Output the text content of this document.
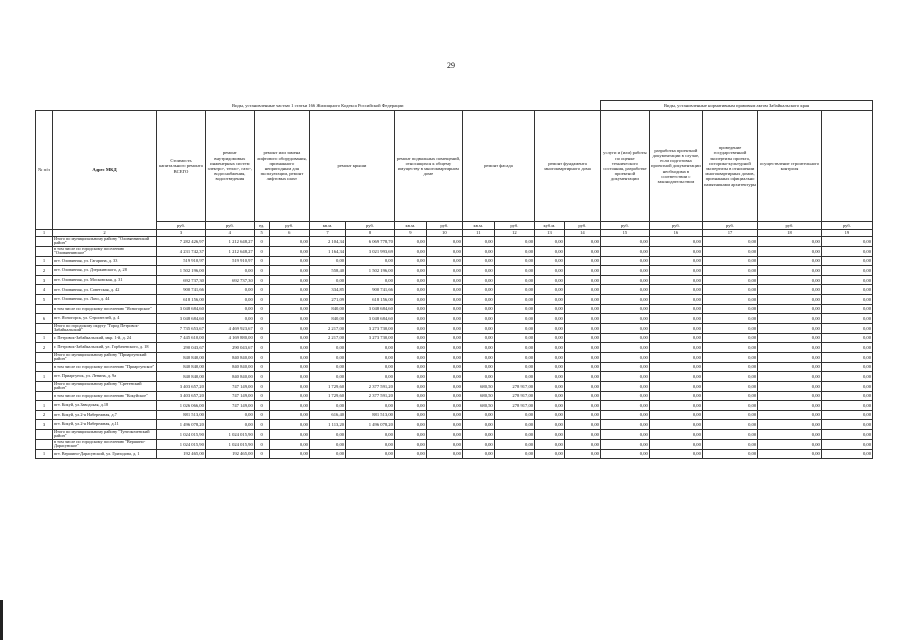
29
Виды, установленные частью 1 статьи 166 Жилищного Кодекса Российской Федерации														Виды, установленные нормативным правовым актом Забайкальского края				
№ п/п	Адрес МКД	Стоимость капитального ремонта ВСЕГО	ремонт внутридомовых инженерных систем электро-, тепло-, газо-, водоснабжения, водоотведения	ремонт или замена лифтового оборудования, признанного непригодным для эксплуатации, ремонт лифтовых шахт		ремонт крыши		ремонт подвальных помещений, относящихся к общему имуществу в многоквартирном доме		ремонт фасада		ремонт фундамента многоквартирного дома		услуги и (или) работы по оценке технического состояния, разработке проектной документации	разработка проектной документации в случае, если подготовка проектной документации необходима в соответствии с законодательством	проведение государственной экспертизы проекта, историко-культурной экспертизы в отношении многоквартирных домов, признанных официально памятниками архитектуры	осуществление строительного контроля	
		руб.	руб.	ед.	руб.	кв.м.	руб.	кв.м.	руб.	кв.м.	руб.	куб.м.	руб.	руб.	руб.	руб.	руб.	руб.
1	2	3	4	5	6	7	8	9	10	11	12	13	14	15	16	17	18	19
	Итого по муниципальному району "Оловяннинский район"	7 282 426,97	1 212 648,27	0	0,00	2 104,34	6 069 778,70	0,00	0,00	0,00	0,00	0,00	0,00	0,00	0,00	0,00	0,00	0,00
	в том числе по городскому поселению "Оловяннинское"	4 231 742,37	1 212 648,27	0	0,00	1 164,34	3 021 993,69	0,00	0,00	0,00	0,00	0,00	0,00	0,00	0,00	0,00	0,00	0,00
1	пгт. Оловянная, ул. Гагарина, д. 33	519 910,97	519 910,97	0	0,00	0,00	0,00	0,00	0,00	0,00	0,00	0,00	0,00	0,00	0,00	0,00	0,00	0,00
2	пгт. Оловянная, ул. Дзержинского, д. 28	1 502 196,00	0,00	0	0,00	558,40	1 502 196,00	0,00	0,00	0,00	0,00	0,00	0,00	0,00	0,00	0,00	0,00	0,00
3	пгт. Оловянная, ул. Московская, д. 31	692 737,30	692 737,30	0	0,00	0,00	0,00	0,00	0,00	0,00	0,00	0,00	0,00	0,00	0,00	0,00	0,00	0,00
4	пгт. Оловянная, ул. Советская, д. 42	900 741,66	0,00	0	0,00	334,85	900 741,66	0,00	0,00	0,00	0,00	0,00	0,00	0,00	0,00	0,00	0,00	0,00
5	пгт. Оловянная, ул. Лазо, д. 44	618 156,00	0,00	0	0,00	271,09	618 156,00	0,00	0,00	0,00	0,00	0,00	0,00	0,00	0,00	0,00	0,00	0,00
	в том числе по городскому поселению "Ясногорское"	3 048 684,60	0,00	0	0,00	840,00	3 048 684,60	0,00	0,00	0,00	0,00	0,00	0,00	0,00	0,00	0,00	0,00	0,00
6	пгт. Ясногорск, ул. Строителей, д. 4	3 048 684,60	0,00	0	0,00	840,00	3 048 684,60	0,00	0,00	0,00	0,00	0,00	0,00	0,00	0,00	0,00	0,00	0,00
	Итого по городскому округу "Город Петровск-Забайкальский"	7 735 653,67	4 469 923,67	0	0,00	2 217,00	3 273 730,00	0,00	0,00	0,00	0,00	0,00	0,00	0,00	0,00	0,00	0,00	0,00
1	г. Петровск-Забайкальский, мкр. 1-й, д. 24	7 445 610,00	4 169 880,00	0	0,00	2 217,00	3 273 730,00	0,00	0,00	0,00	0,00	0,00	0,00	0,00	0,00	0,00	0,00	0,00
2	г. Петровск-Забайкальский, ул. Горбачевского, д. 18	290 043,67	290 043,67	0	0,00	0,00	0,00	0,00	0,00	0,00	0,00	0,00	0,00	0,00	0,00	0,00	0,00	0,00
	Итого по муниципальному району "Приаргунский район"	840 840,00	840 840,00	0	0,00	0,00	0,00	0,00	0,00	0,00	0,00	0,00	0,00	0,00	0,00	0,00	0,00	0,00
	в том числе по городскому поселению "Приаргунское"	840 840,00	840 840,00	0	0,00	0,00	0,00	0,00	0,00	0,00	0,00	0,00	0,00	0,00	0,00	0,00	0,00	0,00
1	пгт. Приаргунск, ул. Ленина, д. 9а	840 840,00	840 840,00	0	0,00	0,00	0,00	0,00	0,00	0,00	0,00	0,00	0,00	0,00	0,00	0,00	0,00	0,00
	Итого по муниципальному району "Сретенский район"	3 403 657,20	747 149,00	0	0,00	1 729,60	2 377 591,20	0,00	0,00	680,50	278 917,00	0,00	0,00	0,00	0,00	0,00	0,00	0,00
	в том числе по городскому поселению "Кокуйское"	3 403 657,20	747 149,00	0	0,00	1 729,60	2 377 591,20	0,00	0,00	680,50	278 917,00	0,00	0,00	0,00	0,00	0,00	0,00	0,00
1	пгт. Кокуй, ул.Заводская, д.18	1 026 066,00	747 149,00	0	0,00	0,00	0,00	0,00	0,00	680,50	278 917,00	0,00	0,00	0,00	0,00	0,00	0,00	0,00
2	пгт. Кокуй, ул.2-я Набережная, д.7	881 513,00	0,00	0	0,00	616,40	881 513,00	0,00	0,00	0,00	0,00	0,00	0,00	0,00	0,00	0,00	0,00	0,00
3	пгт. Кокуй, ул.2-я Набережная, д.11	1 496 078,20	0,00	0	0,00	1 113,20	1 496 078,20	0,00	0,00	0,00	0,00	0,00	0,00	0,00	0,00	0,00	0,00	0,00
	Итого по муниципальному району "Тунгокоченский район"	1 024 015,90	1 024 015,90	0	0,00	0,00	0,00	0,00	0,00	0,00	0,00	0,00	0,00	0,00	0,00	0,00	0,00	0,00
	в том числе по городскому поселению "Вершино-Дарасунское"	1 024 015,90	1 024 015,90	0	0,00	0,00	0,00	0,00	0,00	0,00	0,00	0,00	0,00	0,00	0,00	0,00	0,00	0,00
1	пгт. Вершино-Дарасунский, ул. Гризодова, д. 1	192 465,00	192 465,00	0	0,00	0,00	0,00	0,00	0,00	0,00	0,00	0,00	0,00	0,00	0,00	0,00	0,00	0,00
